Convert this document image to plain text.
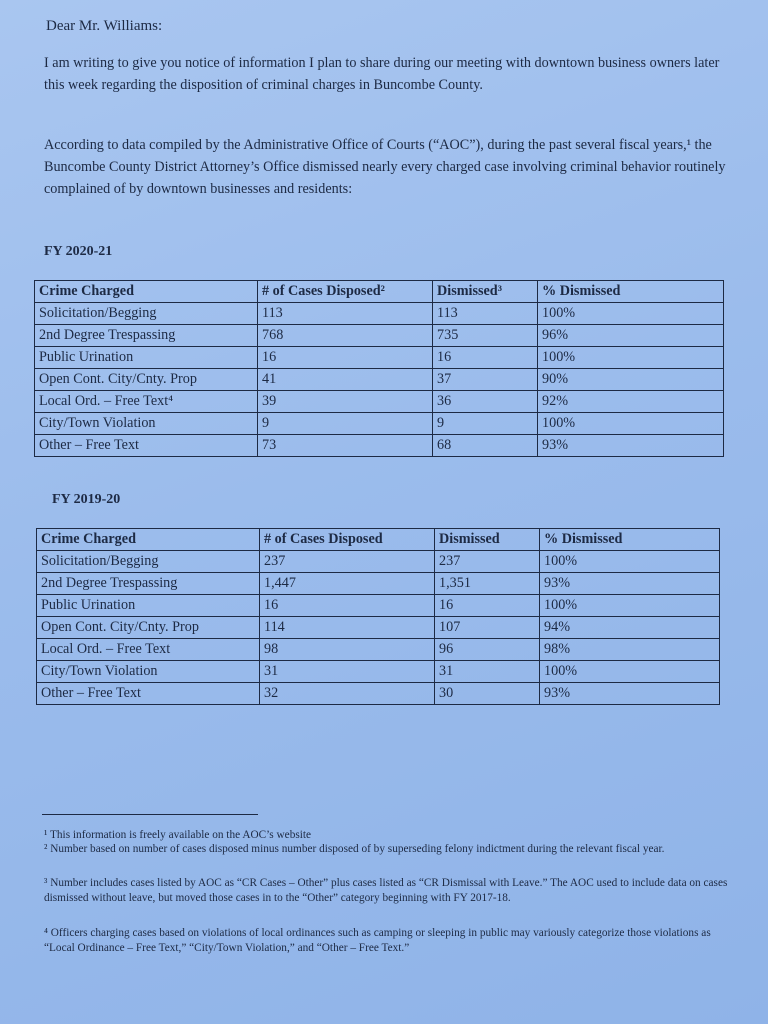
Dear Mr. Williams:
I am writing to give you notice of information I plan to share during our meeting with downtown business owners later this week regarding the disposition of criminal charges in Buncombe County.
According to data compiled by the Administrative Office of Courts (“AOC”), during the past several fiscal years,¹ the Buncombe County District Attorney’s Office dismissed nearly every charged case involving criminal behavior routinely complained of by downtown businesses and residents:
FY 2020-21
Crime Charged	# of Cases Disposed²	Dismissed³	% Dismissed
Solicitation/Begging	113	113	100%
2nd Degree Trespassing	768	735	96%
Public Urination	16	16	100%
Open Cont. City/Cnty. Prop	41	37	90%
Local Ord. – Free Text⁴	39	36	92%
City/Town Violation	9	9	100%
Other – Free Text	73	68	93%
FY 2019-20
Crime Charged	# of Cases Disposed	Dismissed	% Dismissed
Solicitation/Begging	237	237	100%
2nd Degree Trespassing	1,447	1,351	93%
Public Urination	16	16	100%
Open Cont. City/Cnty. Prop	114	107	94%
Local Ord. – Free Text	98	96	98%
City/Town Violation	31	31	100%
Other – Free Text	32	30	93%
¹ This information is freely available on the AOC’s website
² Number based on number of cases disposed minus number disposed of by superseding felony indictment during the relevant fiscal year.
³ Number includes cases listed by AOC as “CR Cases – Other” plus cases listed as “CR Dismissal with Leave.” The AOC used to include data on cases dismissed without leave, but moved those cases in to the “Other” category beginning with FY 2017-18.
⁴ Officers charging cases based on violations of local ordinances such as camping or sleeping in public may variously categorize those violations as “Local Ordinance – Free Text,” “City/Town Violation,” and “Other – Free Text.”
